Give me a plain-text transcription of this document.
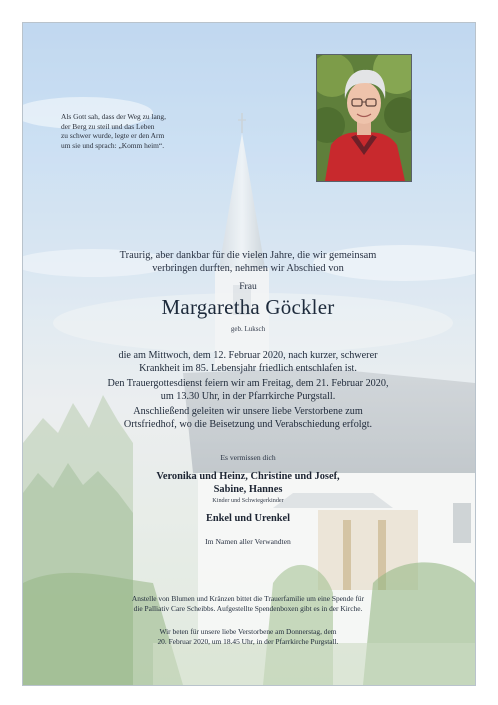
Als Gott sah, dass der Weg zu lang,
der Berg zu steil und das Leben
zu schwer wurde, legte er den Arm
um sie und sprach: „Komm heim“.
Traurig, aber dankbar für die vielen Jahre, die wir gemeinsam
verbringen durften, nehmen wir Abschied von
Frau
Margaretha Göckler
geb. Luksch
die am Mittwoch, dem 12. Februar 2020, nach kurzer, schwerer
Krankheit im 85. Lebensjahr friedlich entschlafen ist.
Den Trauergottesdienst feiern wir am Freitag, dem 21. Februar 2020,
um 13.30 Uhr, in der Pfarrkirche Purgstall.
Anschließend geleiten wir unsere liebe Verstorbene zum
Ortsfriedhof, wo die Beisetzung und Verabschiedung erfolgt.
Es vermissen dich
Veronika und Heinz, Christine und Josef,
Sabine, Hannes
Kinder und Schwiegerkinder
Enkel und Urenkel
Im Namen aller Verwandten
Anstelle von Blumen und Kränzen bittet die Trauerfamilie um eine Spende für
die Palliativ Care Scheibbs. Aufgestellte Spendenboxen gibt es in der Kirche.
Wir beten für unsere liebe Verstorbene am Donnerstag, dem
20. Februar 2020, um 18.45 Uhr, in der Pfarrkirche Purgstall.
